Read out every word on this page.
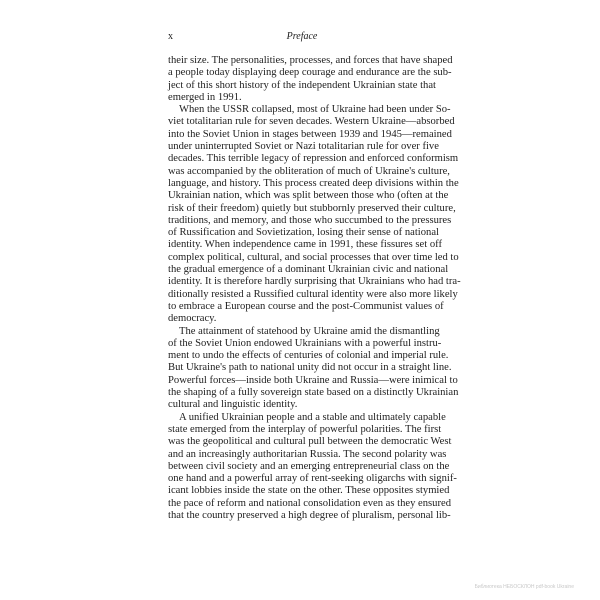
x	Preface

their size. The personalities, processes, and forces that have shaped
a people today displaying deep courage and endurance are the sub-
ject of this short history of the independent Ukrainian state that
emerged in 1991.

When the USSR collapsed, most of Ukraine had been under So-
viet totalitarian rule for seven decades. Western Ukraine—absorbed
into the Soviet Union in stages between 1939 and 1945—remained
under uninterrupted Soviet or Nazi totalitarian rule for over five
decades. This terrible legacy of repression and enforced conformism
was accompanied by the obliteration of much of Ukraine's culture,
language, and history. This process created deep divisions within the
Ukrainian nation, which was split between those who (often at the
risk of their freedom) quietly but stubbornly preserved their culture,
traditions, and memory, and those who succumbed to the pressures
of Russification and Sovietization, losing their sense of national
identity. When independence came in 1991, these fissures set off
complex political, cultural, and social processes that over time led to
the gradual emergence of a dominant Ukrainian civic and national
identity. It is therefore hardly surprising that Ukrainians who had tra-
ditionally resisted a Russified cultural identity were also more likely
to embrace a European course and the post-Communist values of
democracy.

The attainment of statehood by Ukraine amid the dismantling
of the Soviet Union endowed Ukrainians with a powerful instru-
ment to undo the effects of centuries of colonial and imperial rule.
But Ukraine's path to national unity did not occur in a straight line.
Powerful forces—inside both Ukraine and Russia—were inimical to
the shaping of a fully sovereign state based on a distinctly Ukrainian
cultural and linguistic identity.

A unified Ukrainian people and a stable and ultimately capable
state emerged from the interplay of powerful polarities. The first
was the geopolitical and cultural pull between the democratic West
and an increasingly authoritarian Russia. The second polarity was
between civil society and an emerging entrepreneurial class on the
one hand and a powerful array of rent-seeking oligarchs with signif-
icant lobbies inside the state on the other. These opposites stymied
the pace of reform and national consolidation even as they ensured
that the country preserved a high degree of pluralism, personal lib-

Библиотека НЕБОСКЛОН pdf-book Ukraine
